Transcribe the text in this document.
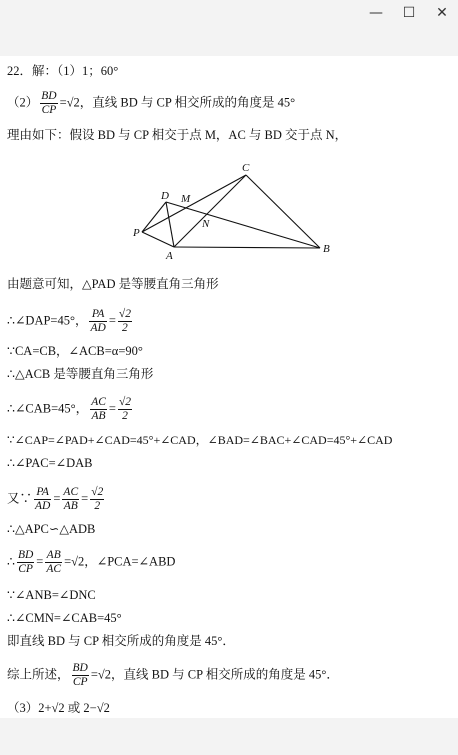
—	☐	✕
22．解：（1）1；60°
$(2) \frac{BD}{CP} =√2$，直线 BD 与 CP 相交所成的角度是 45°
理由如下：假设 BD 与 CP 相交于点 M，AC 与 BD 交于点 N，
C
D M
N
P
A
B
由题意可知，△PAD 是等腰直角三角形
∴∠DAP=45°， $\frac{PA}{AD} = \frac{√2}{2}$
∵CA=CB，∠ACB=α=90°
∴△ACB 是等腰直角三角形
∴∠CAB=45°， $\frac{AC}{AB} = \frac{√2}{2}$
∵∠CAP=∠PAD+∠CAD=45°+∠CAD，∠BAD=∠BAC+∠CAD=45°+∠CAD
∴∠PAC=∠DAB
又∵ $\frac{PA}{AD} = \frac{AC}{AB} = \frac{√2}{2}$
∴△APC∽△ADB
∴ $\frac{BD}{CP} = \frac{AB}{AC} =√2$，∠PCA=∠ABD
∵∠ANB=∠DNC
∴∠CMN=∠CAB=45°
即直线 BD 与 CP 相交所成的角度是 45°．
综上所述， $\frac{BD}{CP} =√2$，直线 BD 与 CP 相交所成的角度是 45°．
（3）2+√2 或 2−√2
